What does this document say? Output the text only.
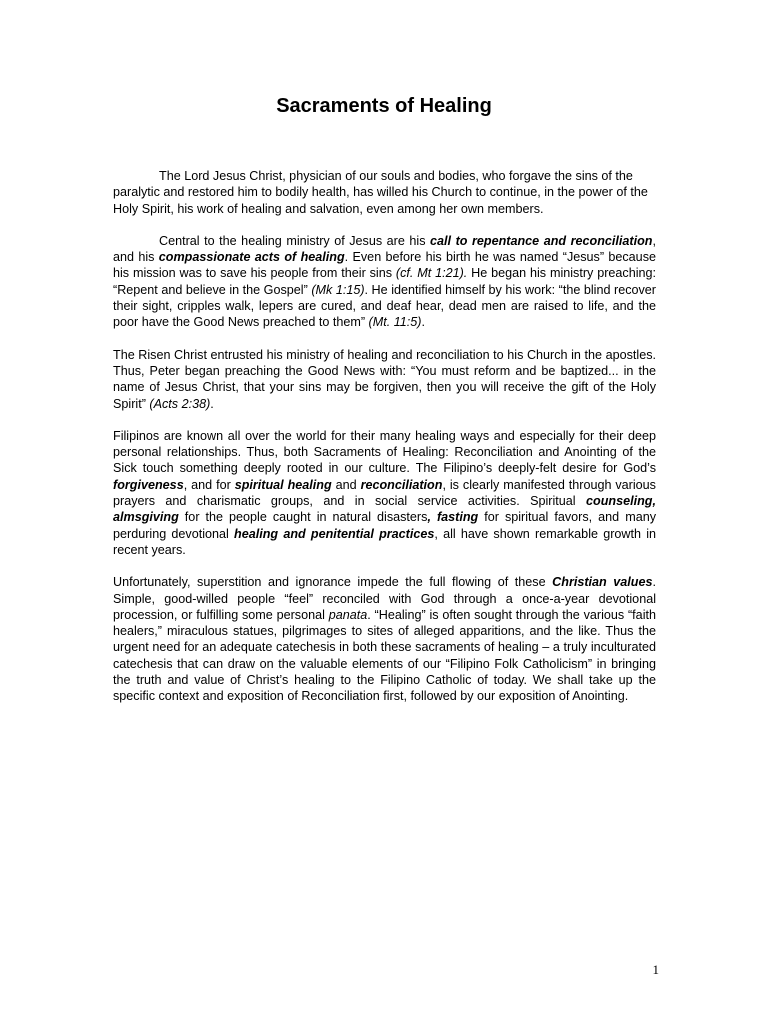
Sacraments of Healing

The Lord Jesus Christ, physician of our souls and bodies, who forgave the sins of the paralytic and restored him to bodily health, has willed his Church to continue, in the power of the Holy Spirit, his work of healing and salvation, even among her own members.

Central to the healing ministry of Jesus are his call to repentance and reconciliation, and his compassionate acts of healing. Even before his birth he was named “Jesus” because his mission was to save his people from their sins (cf. Mt 1:21). He began his ministry preaching: “Repent and believe in the Gospel” (Mk 1:15). He identified himself by his work: “the blind recover their sight, cripples walk, lepers are cured, and deaf hear, dead men are raised to life, and the poor have the Good News preached to them” (Mt. 11:5).

The Risen Christ entrusted his ministry of healing and reconciliation to his Church in the apostles. Thus, Peter began preaching the Good News with: “You must reform and be baptized... in the name of Jesus Christ, that your sins may be forgiven, then you will receive the gift of the Holy Spirit” (Acts 2:38).

Filipinos are known all over the world for their many healing ways and especially for their deep personal relationships. Thus, both Sacraments of Healing: Reconciliation and Anointing of the Sick touch something deeply rooted in our culture. The Filipino’s deeply-felt desire for God’s forgiveness, and for spiritual healing and reconciliation, is clearly manifested through various prayers and charismatic groups, and in social service activities. Spiritual counseling, almsgiving for the people caught in natural disasters, fasting for spiritual favors, and many perduring devotional healing and penitential practices, all have shown remarkable growth in recent years.

Unfortunately, superstition and ignorance impede the full flowing of these Christian values. Simple, good-willed people “feel” reconciled with God through a once-a-year devotional procession, or fulfilling some personal panata. “Healing” is often sought through the various “faith healers,” miraculous statues, pilgrimages to sites of alleged apparitions, and the like. Thus the urgent need for an adequate catechesis in both these sacraments of healing – a truly inculturated catechesis that can draw on the valuable elements of our “Filipino Folk Catholicism” in bringing the truth and value of Christ’s healing to the Filipino Catholic of today. We shall take up the specific context and exposition of Reconciliation first, followed by our exposition of Anointing.

1
